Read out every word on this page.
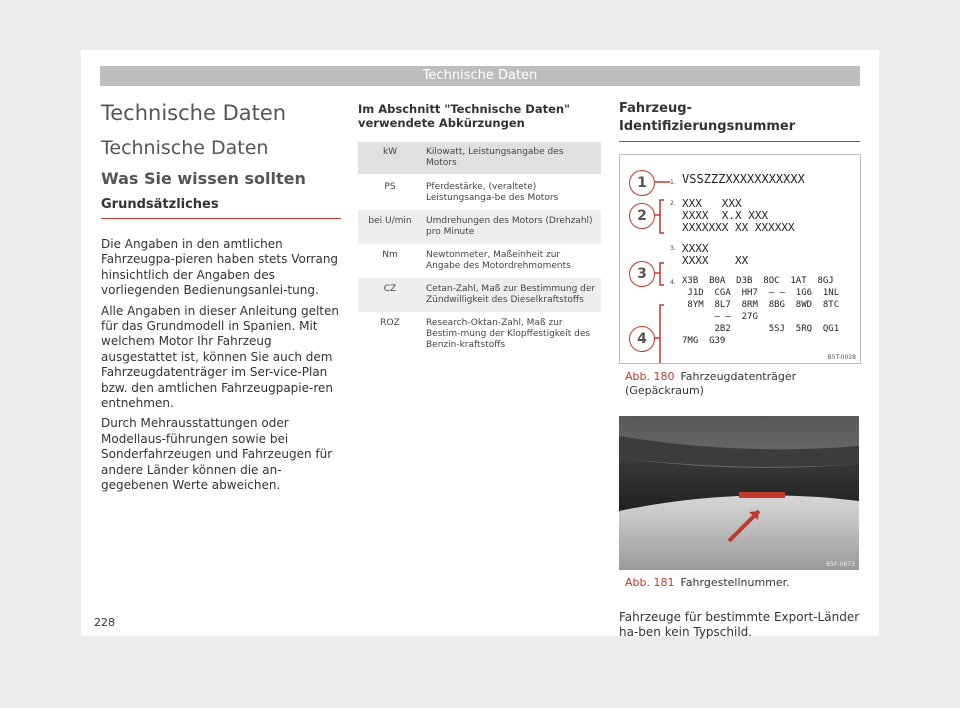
Technische Daten
Technische Daten
Technische Daten
Was Sie wissen sollten
Grundsätzliches

Die Angaben in den amtlichen Fahrzeugpa-pieren haben stets Vorrang hinsichtlich der Angaben des vorliegenden Bedienungsanlei-tung.

Alle Angaben in dieser Anleitung gelten für das Grundmodell in Spanien. Mit welchem Motor Ihr Fahrzeug ausgestattet ist, können Sie auch dem Fahrzeugdatenträger im Ser-vice-Plan bzw. den amtlichen Fahrzeugpapie-ren entnehmen.

Durch Mehrausstattungen oder Modellaus-führungen sowie bei Sonderfahrzeugen und Fahrzeugen für andere Länder können die an-gegebenen Werte abweichen.

Im Abschnitt "Technische Daten" verwendete Abkürzungen
kW	Kilowatt, Leistungsangabe des Motors
PS	Pferdestärke, (veraltete) Leistungsanga-be des Motors
bei U/min	Umdrehungen des Motors (Drehzahl) pro Minute
Nm	Newtonmeter, Maßeinheit zur Angabe des Motordrehmoments
CZ	Cetan-Zahl, Maß zur Bestimmung der Zündwilligkeit des Dieselkraftstoffs
ROZ	Research-Oktan-Zahl, Maß zur Bestim-mung der Klopffestigkeit des Benzin-kraftstoffs
Fahrzeug-Identifizierungsnummer
1
2
3
4
1.
2.
3.
4.
VSSZZZXXXXXXXXXXX
XXX   XXX
XXXX  X.X XXX
XXXXXXX XX XXXXXX
XXXX
XXXX    XX
X3B  B0A  D3B  8OC  1AT  8GJ
J1D  CGA  HH7  – –  1G6  1NL
8YM  8L7  8RM  8BG  8WD  8TC
– –  27G
2B2       5SJ  5RQ  QG1
7MG  G39
B5T-0028
Abb. 180 Fahrzeugdatenträger (Gepäckraum)
B5F-0673
Abb. 181 Fahrgestellnummer.

Fahrzeuge für bestimmte Export-Länder ha-ben kein Typschild.

228
